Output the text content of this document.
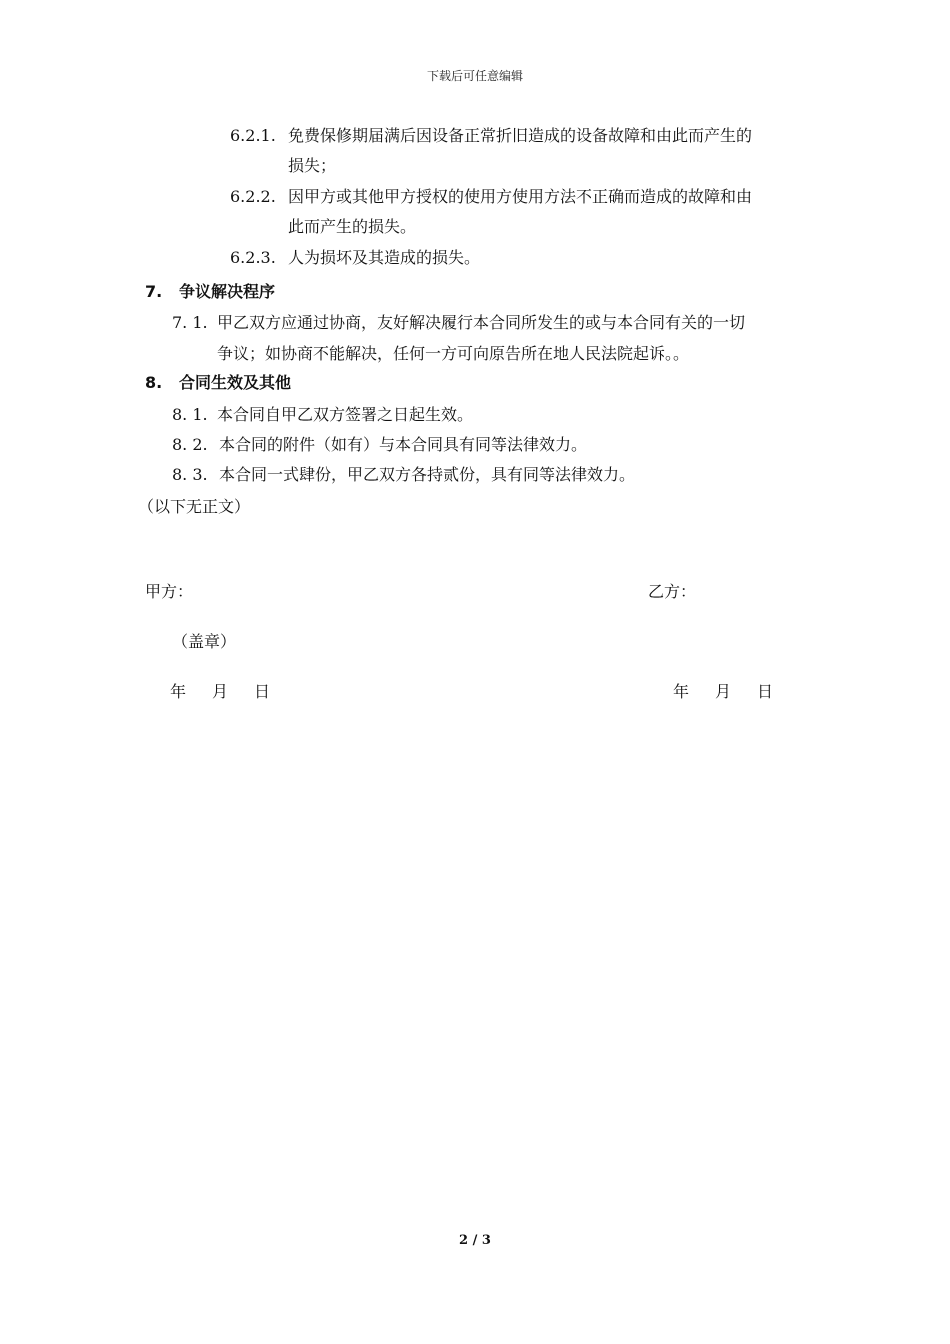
下载后可任意编辑
6.2.1. 免费保修期届满后因设备正常折旧造成的设备故障和由此而产生的
损失；
6.2.2. 因甲方或其他甲方授权的使用方使用方法不正确而造成的故障和由
此而产生的损失。
6.2.3. 人为损坏及其造成的损失。
7. 争议解决程序
7. 1. 甲乙双方应通过协商，友好解决履行本合同所发生的或与本合同有关的一切
争议；如协商不能解决，任何一方可向原告所在地人民法院起诉。。
8. 合同生效及其他
8. 1. 本合同自甲乙双方签署之日起生效。
8. 2. 本合同的附件（如有）与本合同具有同等法律效力。
8. 3. 本合同一式肆份，甲乙双方各持贰份，具有同等法律效力。
（以下无正文）
甲方：	乙方：
（盖章）
年 月 日	年 月 日
2 / 3
